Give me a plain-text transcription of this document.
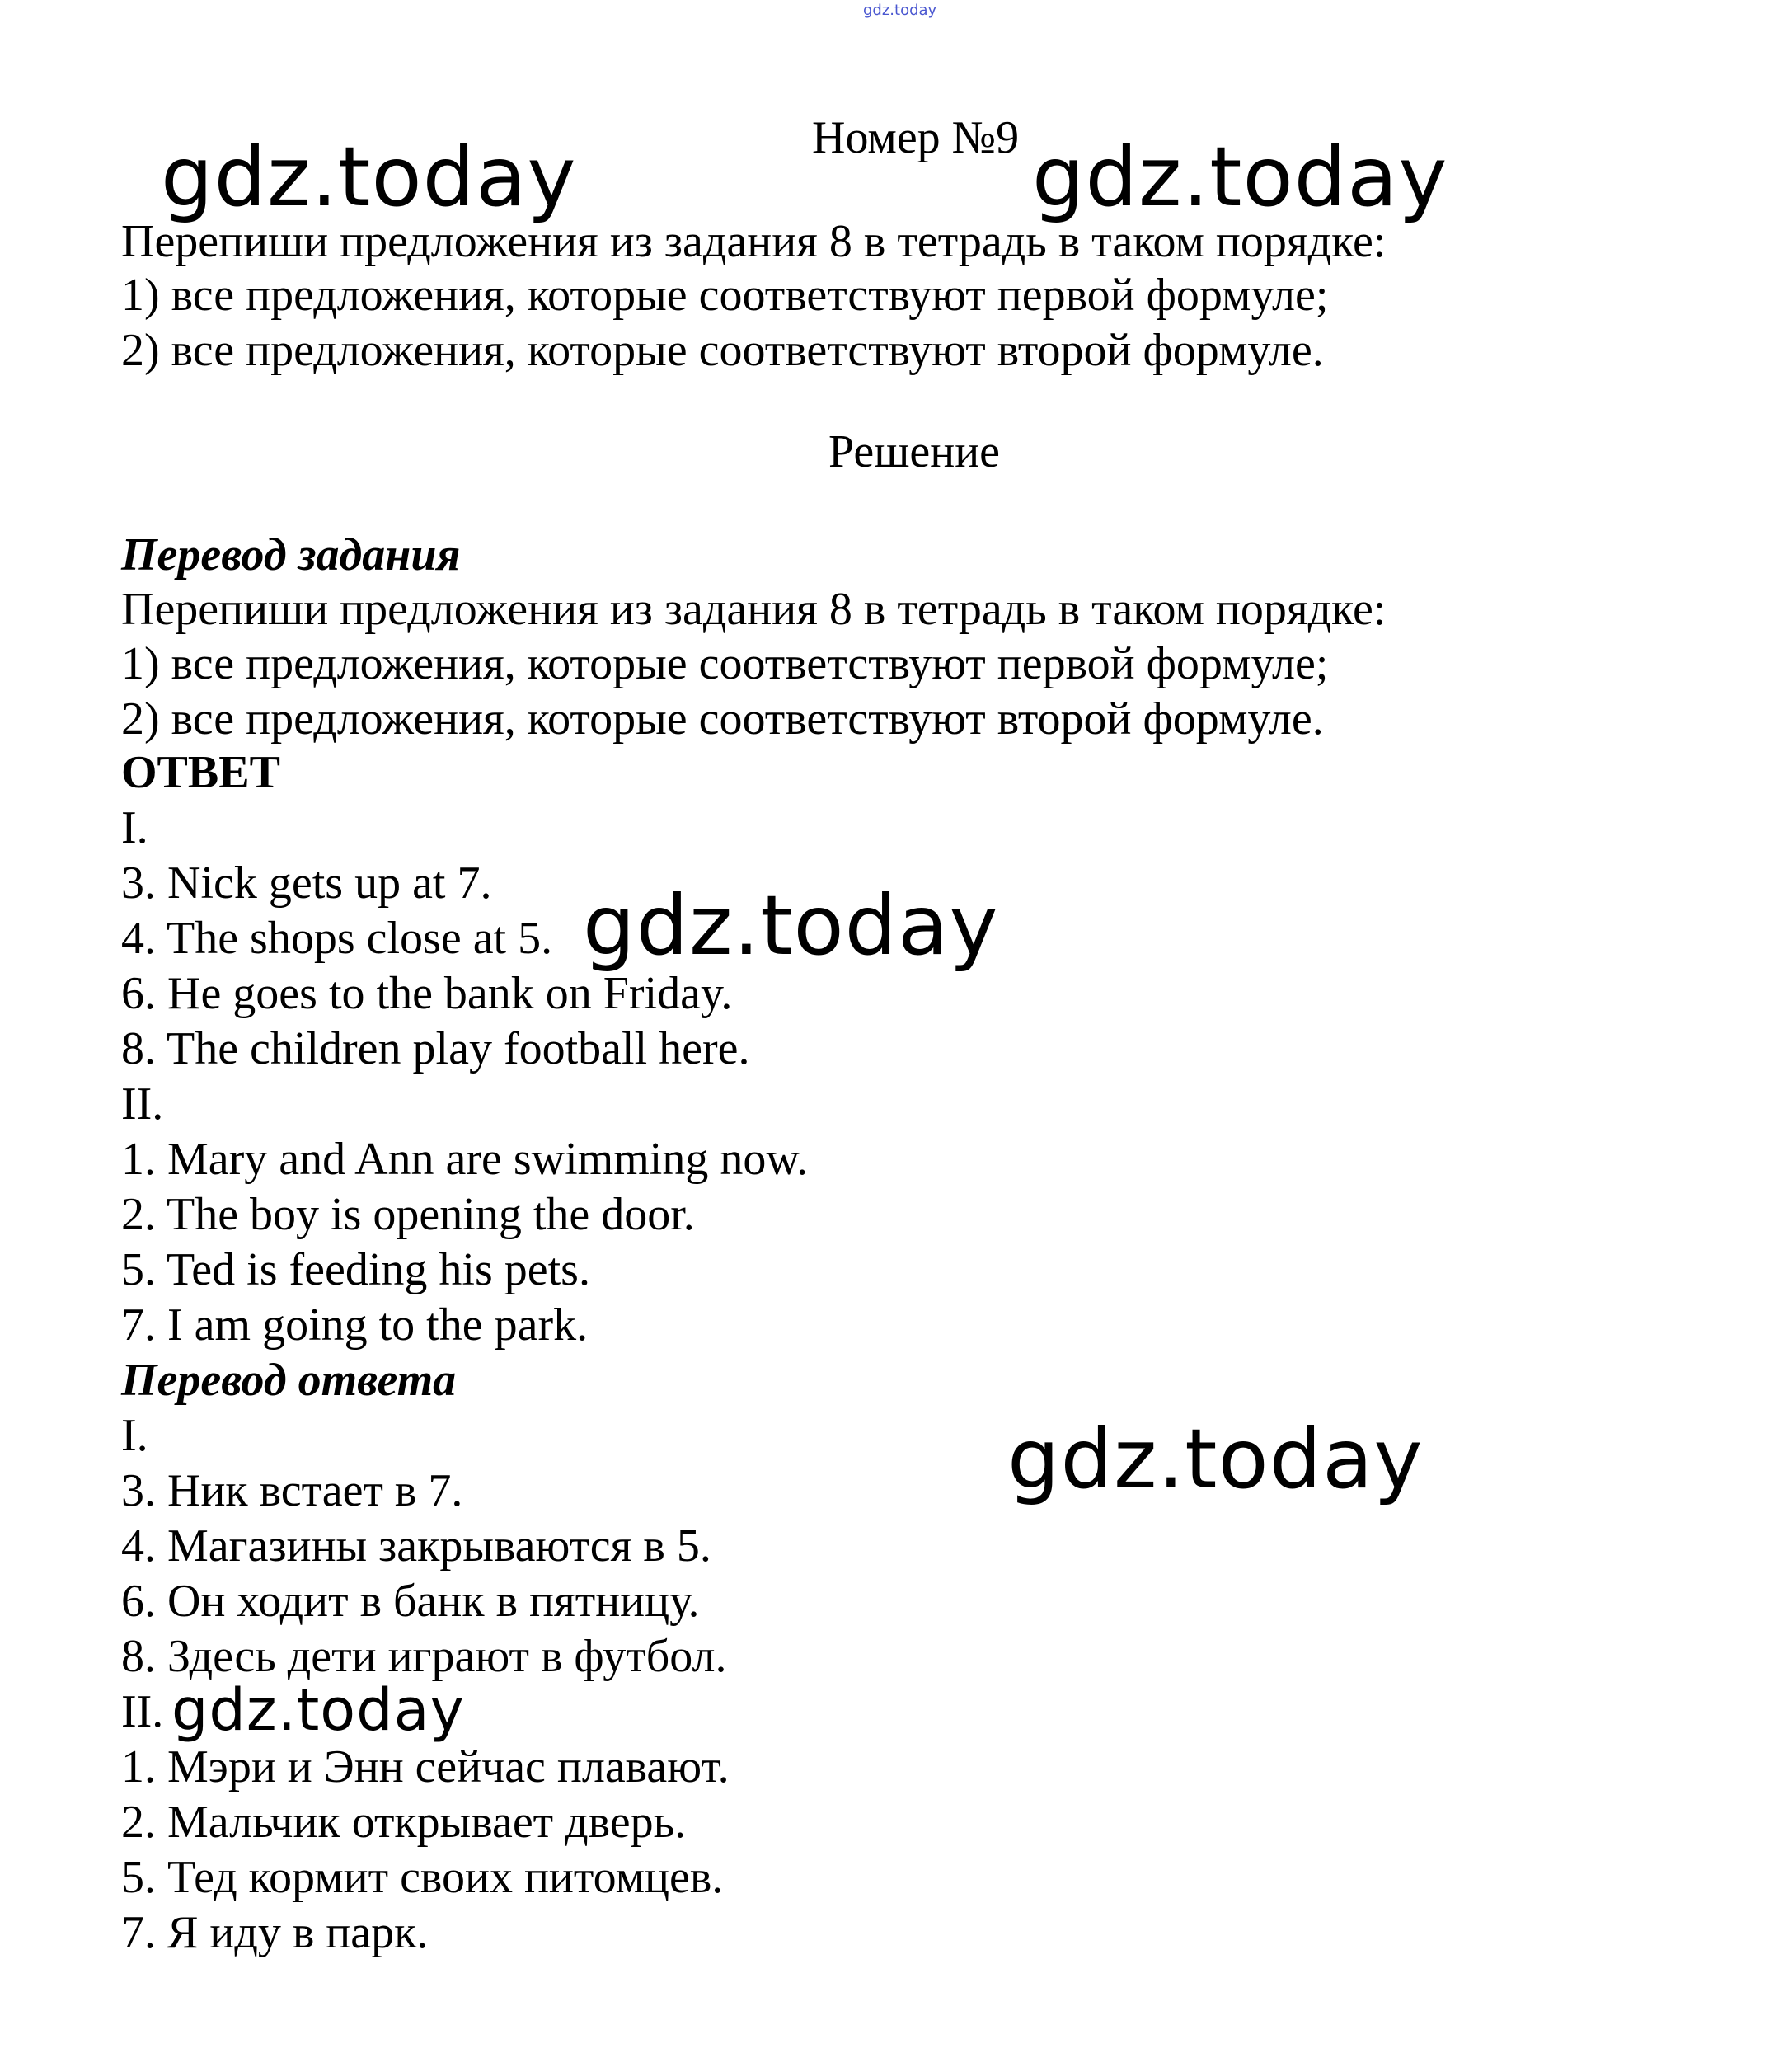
gdz.today
Номер №9
Перепиши предложения из задания 8 в тетрадь в таком порядке:
1) все предложения, которые соответствуют первой формуле;
2) все предложения, которые соответствуют второй формуле.
Решение
Перевод задания
Перепиши предложения из задания 8 в тетрадь в таком порядке:
1) все предложения, которые соответствуют первой формуле;
2) все предложения, которые соответствуют второй формуле.
ОТВЕТ
I.
3. Nick gets up at 7.
4. The shops close at 5.
6. He goes to the bank on Friday.
8. The children play football here.
II.
1. Mary and Ann are swimming now.
2. The boy is opening the door.
5. Ted is feeding his pets.
7. I am going to the park.
Перевод ответа
I.
3. Ник встает в 7.
4. Магазины закрываются в 5.
6. Он ходит в банк в пятницу.
8. Здесь дети играют в футбол.
II.
1. Мэри и Энн сейчас плавают.
2. Мальчик открывает дверь.
5. Тед кормит своих питомцев.
7. Я иду в парк.
gdz.today	gdz.today
gdz.today
gdz.today
gdz.today
